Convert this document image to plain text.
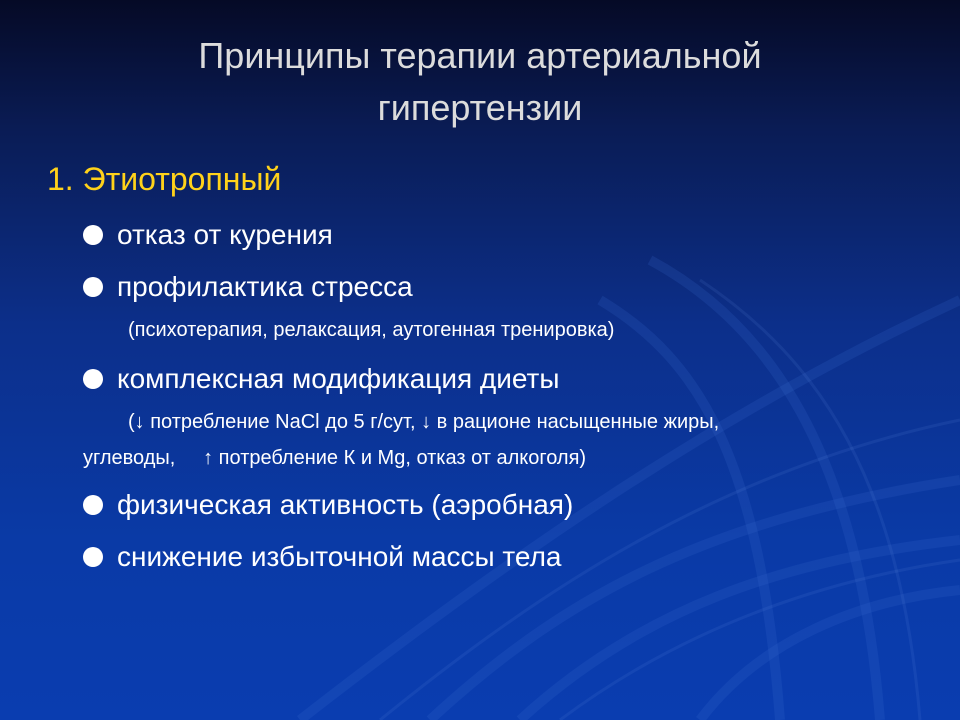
Принципы терапии артериальной
гипертензии
1. Этиотропный
отказ от курения
профилактика стресса
(психотерапия, релаксация, аутогенная тренировка)
комплексная модификация диеты
(↓ потребление NaCl до 5 г/сут, ↓ в рационе насыщенные жиры,
углеводы,     ↑ потребление К и Mg, отказ от алкоголя)
физическая активность (аэробная)
снижение избыточной массы тела
